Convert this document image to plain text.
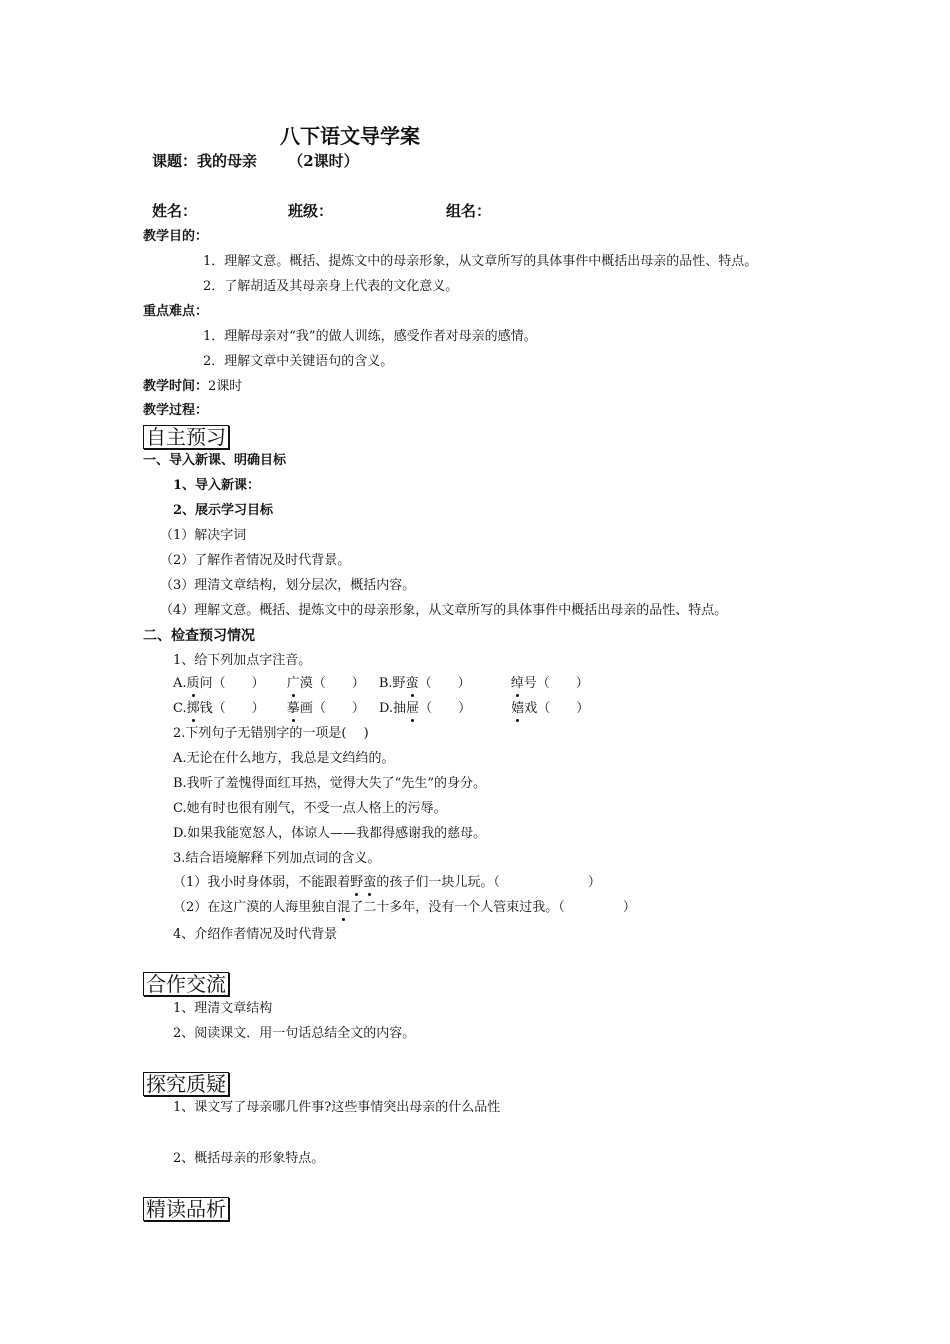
八下语文导学案
课题：我的母亲 （2课时）
姓名：	班级：	组名：
教学目的：
1．理解文意。概括、提炼文中的母亲形象，从文章所写的具体事件中概括出母亲的品性、特点。
2．了解胡适及其母亲身上代表的文化意义。
重点难点：
1．理解母亲对“我”的做人训练，感受作者对母亲的感情。
2．理解文章中关键语句的含义。
教学时间：2课时
教学过程：
自主预习
一、导入新课、明确目标
1、导入新课：
2、展示学习目标
（1）解决字词
（2）了解作者情况及时代背景。
（3）理清文章结构，划分层次，概括内容。
（4）理解文意。概括、提炼文中的母亲形象，从文章所写的具体事件中概括出母亲的品性、特点。
二、检查预习情况
1、给下列加点字注音。
A.质问（　　） 广漠（　　） B.野蛮（　　）	绰号（　　）
C.掷钱（　　） 摹画（　　） D.抽屉（　　）	嬉戏（　　）
2.下列句子无错别字的一项是(　 )
A.无论在什么地方，我总是文绉绉的。
B.我听了羞愧得面红耳热，觉得大失了“先生”的身分。
C.她有时也很有刚气，不受一点人格上的污辱。
D.如果我能宽怒人，体谅人——我都得感谢我的慈母。
3.结合语境解释下列加点词的含义。
（1）我小时身体弱，不能跟着野蛮的孩子们一块儿玩。（	）
（2）在这广漠的人海里独自混了二十多年，没有一个人管束过我。（	）
4、介绍作者情况及时代背景
合作交流
1、理清文章结构
2、阅读课文．用一句话总结全文的内容。
探究质疑
1、课文写了母亲哪几件事?这些事情突出母亲的什么品性
2、概括母亲的形象特点。
精读品析
